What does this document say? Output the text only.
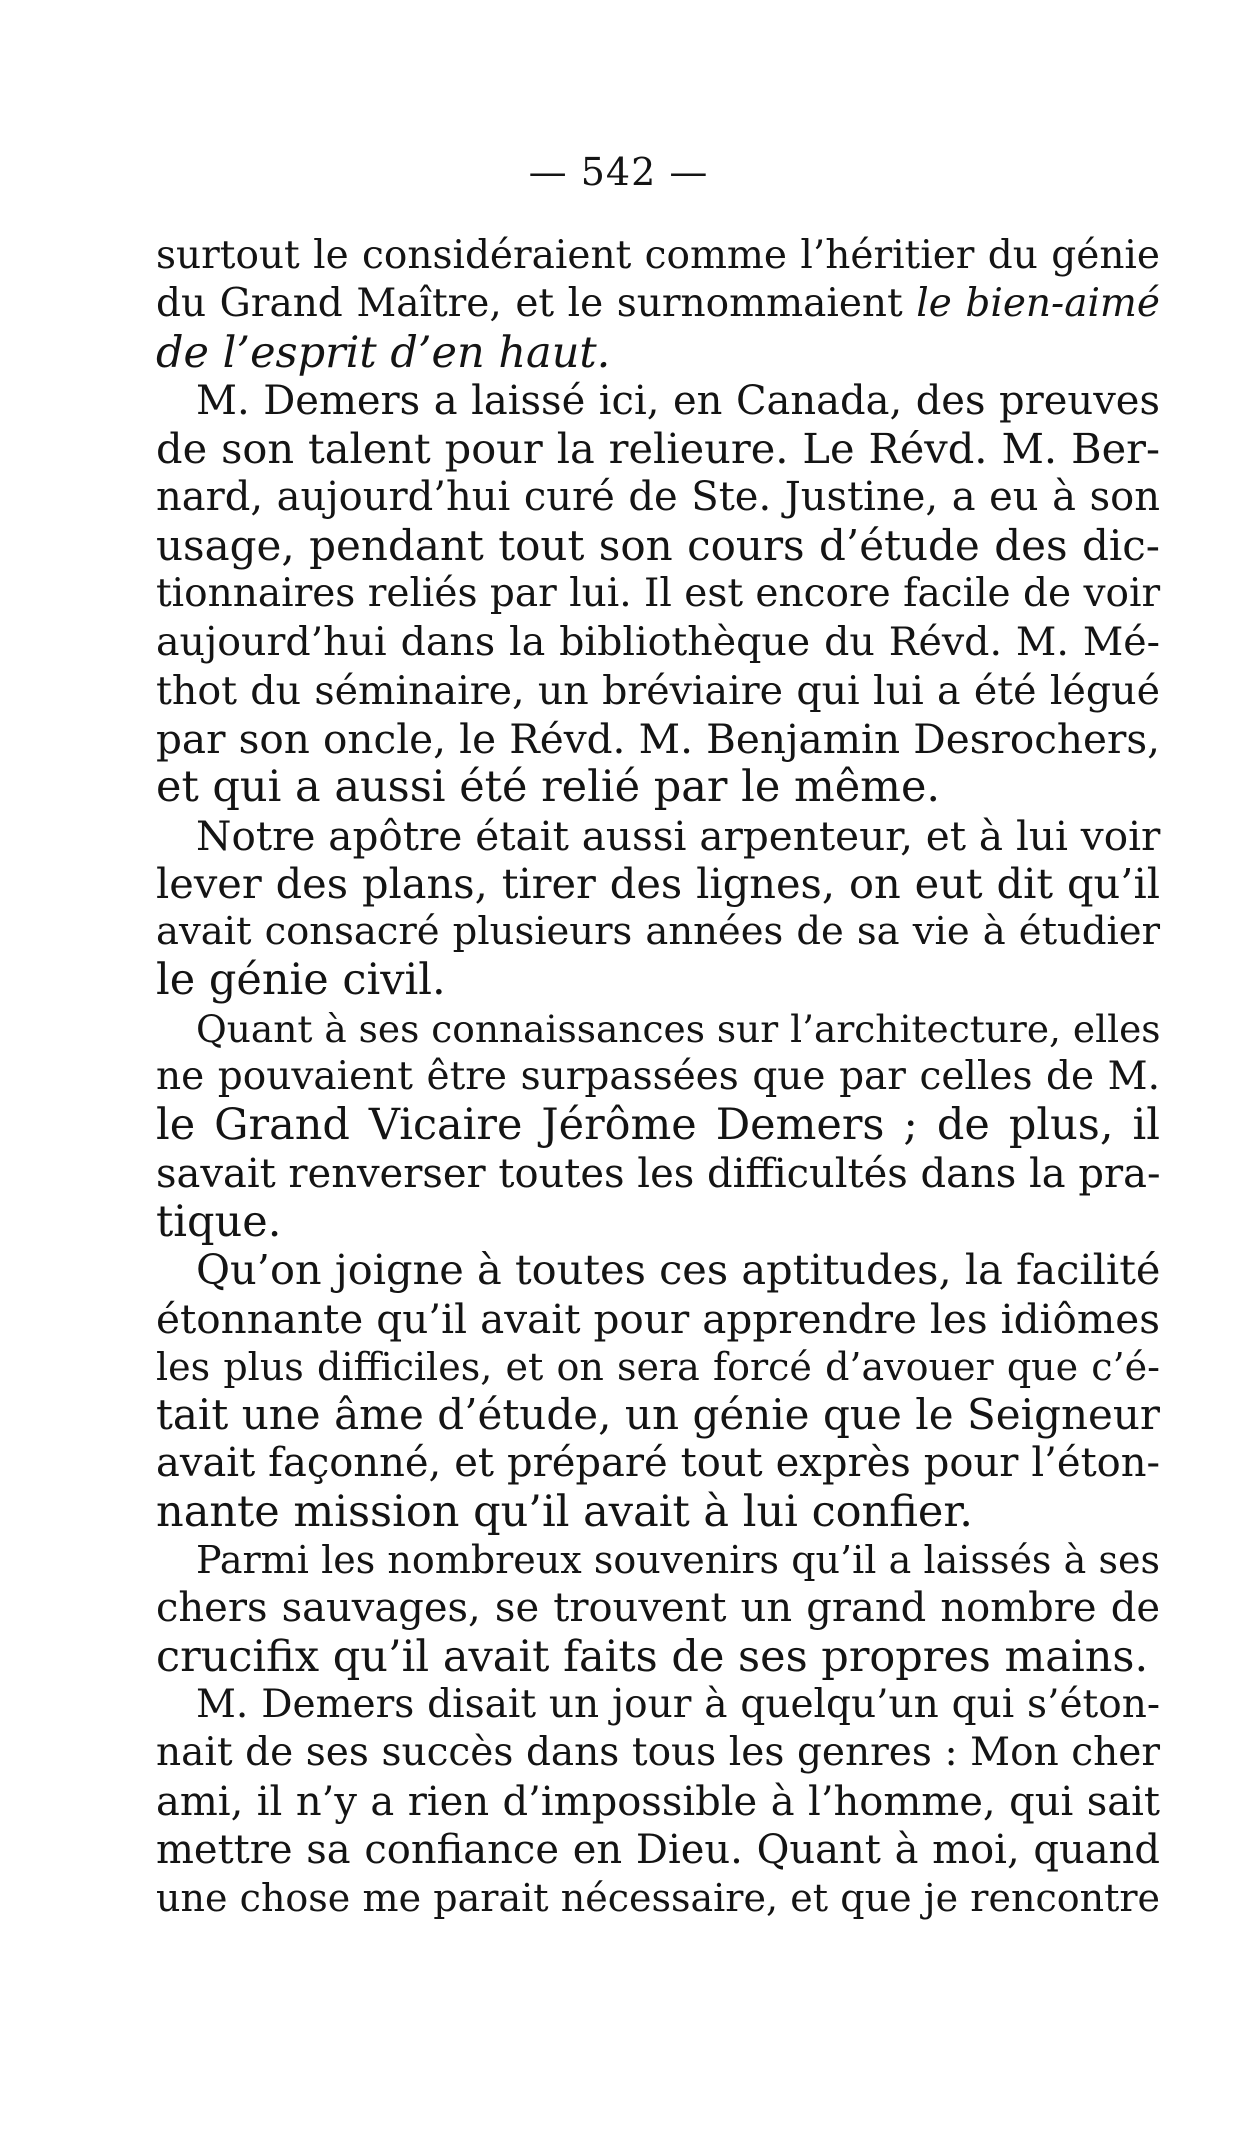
— 542 —
surtout le considéraient comme l’héritier du génie
du Grand Maître, et le surnommaient le bien-aimé
de l’esprit d’en haut.
M. Demers a laissé ici, en Canada, des preuves
de son talent pour la relieure. Le Révd. M. Ber-
nard, aujourd’hui curé de Ste. Justine, a eu à son
usage, pendant tout son cours d’étude des dic-
tionnaires reliés par lui. Il est encore facile de voir
aujourd’hui dans la bibliothèque du Révd. M. Mé-
thot du séminaire, un bréviaire qui lui a été légué
par son oncle, le Révd. M. Benjamin Desrochers,
et qui a aussi été relié par le même.
Notre apôtre était aussi arpenteur, et à lui voir
lever des plans, tirer des lignes, on eut dit qu’il
avait consacré plusieurs années de sa vie à étudier
le génie civil.
Quant à ses connaissances sur l’architecture, elles
ne pouvaient être surpassées que par celles de M.
le Grand Vicaire Jérôme Demers ; de plus, il
savait renverser toutes les difficultés dans la pra-
tique.
Qu’on joigne à toutes ces aptitudes, la facilité
étonnante qu’il avait pour apprendre les idiômes
les plus difficiles, et on sera forcé d’avouer que c’é-
tait une âme d’étude, un génie que le Seigneur
avait façonné, et préparé tout exprès pour l’éton-
nante mission qu’il avait à lui confier.
Parmi les nombreux souvenirs qu’il a laissés à ses
chers sauvages, se trouvent un grand nombre de
crucifix qu’il avait faits de ses propres mains.
M. Demers disait un jour à quelqu’un qui s’éton-
nait de ses succès dans tous les genres : Mon cher
ami, il n’y a rien d’impossible à l’homme, qui sait
mettre sa confiance en Dieu. Quant à moi, quand
une chose me parait nécessaire, et que je rencontre
